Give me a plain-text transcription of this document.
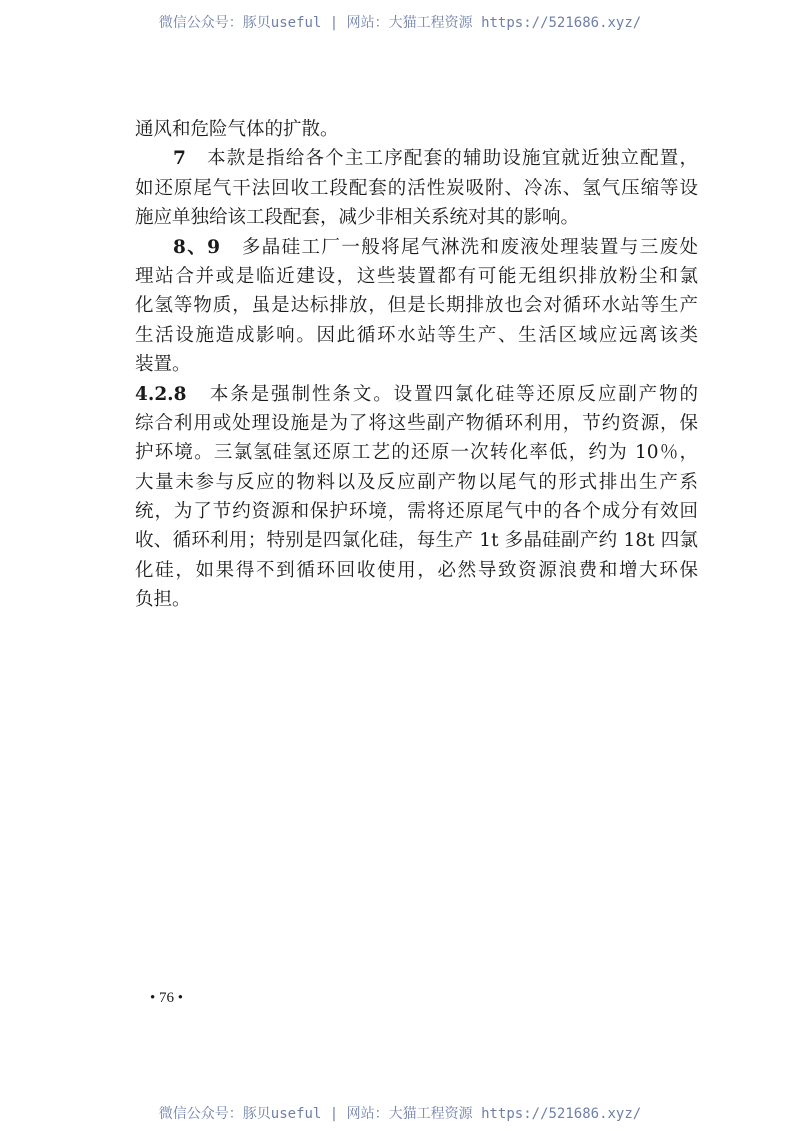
微信公众号：豚贝useful | 网站：大猫工程资源 https://521686.xyz/
通风和危险气体的扩散。
7 本款是指给各个主工序配套的辅助设施宜就近独立配置，
如还原尾气干法回收工段配套的活性炭吸附、冷冻、氢气压缩等设
施应单独给该工段配套，减少非相关系统对其的影响。
8、9 多晶硅工厂一般将尾气淋洗和废液处理装置与三废处
理站合并或是临近建设，这些装置都有可能无组织排放粉尘和氯
化氢等物质，虽是达标排放，但是长期排放也会对循环水站等生产
生活设施造成影响。因此循环水站等生产、生活区域应远离该类
装置。
4.2.8 本条是强制性条文。设置四氯化硅等还原反应副产物的
综合利用或处理设施是为了将这些副产物循环利用，节约资源，保
护环境。三氯氢硅氢还原工艺的还原一次转化率低，约为 10％，
大量未参与反应的物料以及反应副产物以尾气的形式排出生产系
统，为了节约资源和保护环境，需将还原尾气中的各个成分有效回
收、循环利用；特别是四氯化硅，每生产 1t 多晶硅副产约 18t 四氯
化硅，如果得不到循环回收使用，必然导致资源浪费和增大环保
负担。
• 76 •
微信公众号：豚贝useful | 网站：大猫工程资源 https://521686.xyz/
